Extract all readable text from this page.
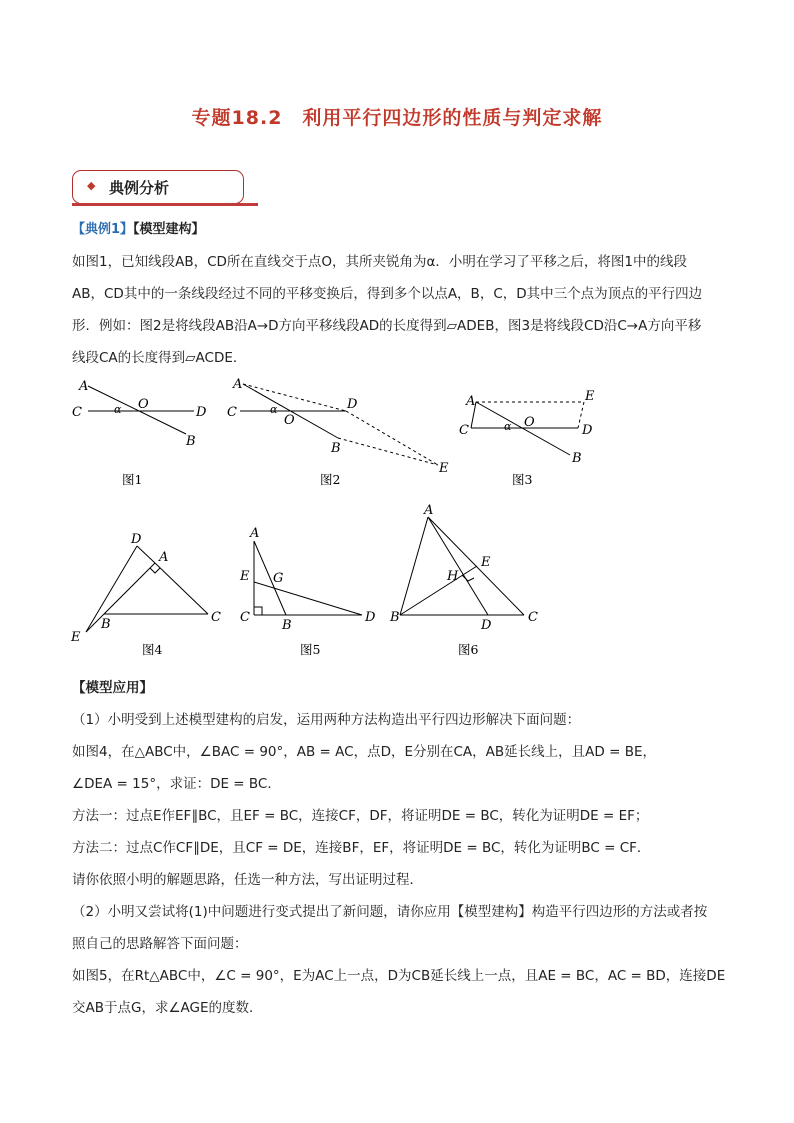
专题18.2　利用平行四边形的性质与判定求解
◆ 典例分析
【典例1】【模型建构】
如图1，已知线段AB，CD所在直线交于点O，其所夹锐角为α．小明在学习了平移之后，将图1中的线段
AB，CD其中的一条线段经过不同的平移变换后，得到多个以点A，B，C，D其中三个点为顶点的平行四边
形．例如：图2是将线段AB沿A→D方向平移线段AD的长度得到▱ADEB，图3是将线段CD沿C→A方向平移
线段CA的长度得到▱ACDE．
A
C	α O
D
B
A
C	α
O
D
B
E
A
C	α O
D
E
B
D
A
B	C
E
A
E G
C
B
D
A
E
H
B	C
D
图1	图2	图3
图4	图5	图6
【模型应用】
（1）小明受到上述模型建构的启发，运用两种方法构造出平行四边形解决下面问题：
如图4，在△ABC中，∠BAC = 90°，AB = AC，点D，E分别在CA，AB延长线上，且AD = BE，
∠DEA = 15°，求证：DE = BC．
方法一：过点E作EF∥BC，且EF = BC，连接CF，DF，将证明DE = BC，转化为证明DE = EF；
方法二：过点C作CF∥DE，且CF = DE，连接BF，EF，将证明DE = BC，转化为证明BC = CF．
请你依照小明的解题思路，任选一种方法，写出证明过程．
（2）小明又尝试将(1)中问题进行变式提出了新问题，请你应用【模型建构】构造平行四边形的方法或者按
照自己的思路解答下面问题：
如图5，在Rt△ABC中，∠C = 90°，E为AC上一点，D为CB延长线上一点，且AE = BC，AC = BD，连接DE
交AB于点G，求∠AGE的度数．
